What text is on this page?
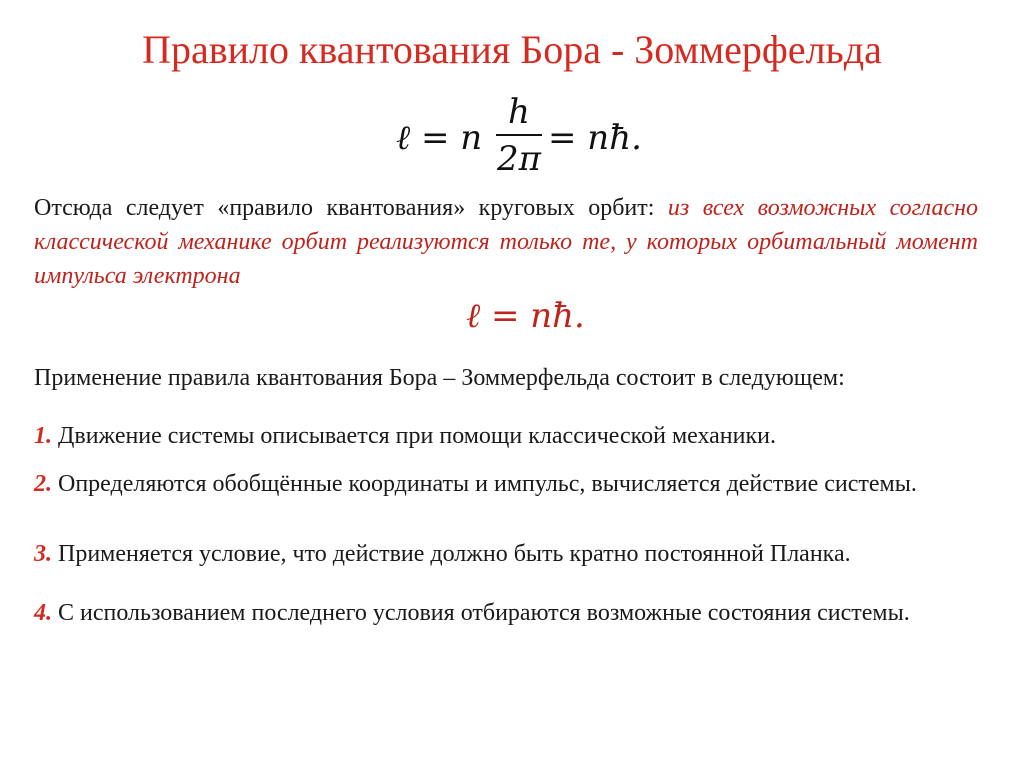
Правило квантования Бора - Зоммерфельда
ℓ = n
h
2π
= nħ.
Отсюда следует «правило квантования» круговых орбит: из всех возможных согласно классической механике орбит реализуются только те, у которых орбитальный момент импульса электрона
ℓ = nħ.
Применение правила квантования Бора – Зоммерфельда состоит в следующем:
1. Движение системы описывается при помощи классической механики.
2. Определяются обобщённые координаты и импульс, вычисляется действие системы.
3. Применяется условие, что действие должно быть кратно постоянной Планка.
4. С использованием последнего условия отбираются возможные состояния системы.
